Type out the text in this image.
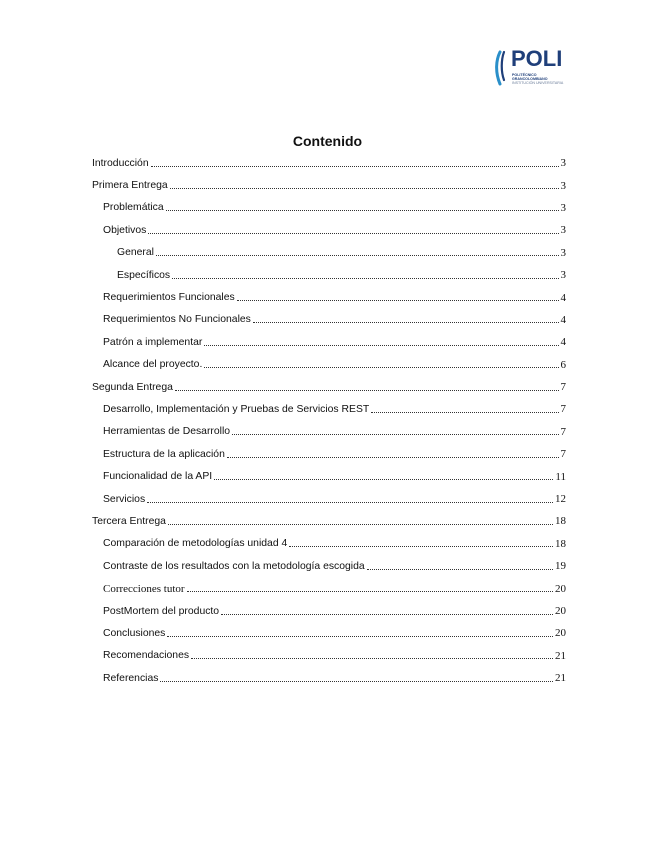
POLI
POLITÉCNICO
GRANCOLOMBIANO
INSTITUCIÓN UNIVERSITARIA
Contenido
Introducción	3
Primera Entrega	3
Problemática	3
Objetivos	3
General	3
Específicos	3
Requerimientos Funcionales	4
Requerimientos No Funcionales	4
Patrón a implementar	4
Alcance del proyecto.	6
Segunda Entrega	7
Desarrollo, Implementación y Pruebas de Servicios REST	7
Herramientas de Desarrollo	7
Estructura de la aplicación	7
Funcionalidad de la API	11
Servicios	12
Tercera Entrega	18
Comparación de metodologías unidad 4	18
Contraste de los resultados con la metodología escogida	19
Correcciones tutor	20
PostMortem del producto	20
Conclusiones	20
Recomendaciones	21
Referencias	21
